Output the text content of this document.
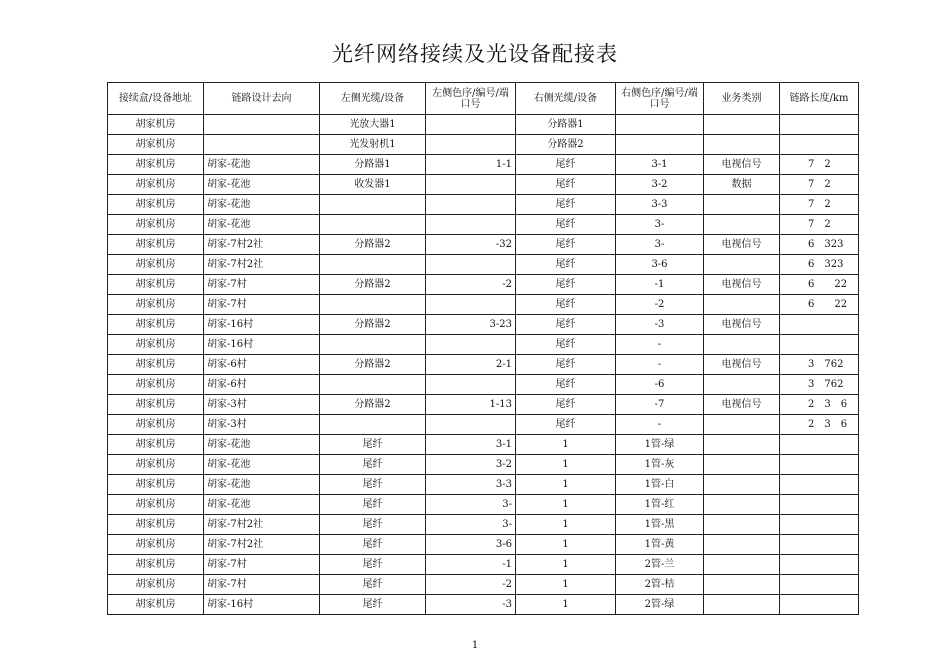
光纤网络接续及光设备配接表
接续盒/设备地址	链路设计去向	左侧光缆/设备	左侧色序/编号/端口号	右侧光缆/设备	右侧色序/编号/端口号	业务类别	链路长度/km
胡家机房		光放大器1		分路器1			
胡家机房		光发射机1		分路器2			
胡家机房	胡家-花池	分路器1	1-1	尾纤	3-1	电视信号	7　2
胡家机房	胡家-花池	收发器1		尾纤	3-2	数据	7　2
胡家机房	胡家-花池			尾纤	3-3		7　2
胡家机房	胡家-花池			尾纤	3-		7　2
胡家机房	胡家-7村2社	分路器2	-32	尾纤	3-	电视信号	6　323
胡家机房	胡家-7村2社			尾纤	3-6		6　323
胡家机房	胡家-7村	分路器2	-2	尾纤	-1	电视信号	6　　22
胡家机房	胡家-7村			尾纤	-2		6　　22
胡家机房	胡家-16村	分路器2	3-23	尾纤	-3	电视信号	
胡家机房	胡家-16村			尾纤	-		
胡家机房	胡家-6村	分路器2	2-1	尾纤	-	电视信号	3　762
胡家机房	胡家-6村			尾纤	-6		3　762
胡家机房	胡家-3村	分路器2	1-13	尾纤	-7	电视信号	2　3　6
胡家机房	胡家-3村			尾纤	-		2　3　6
胡家机房	胡家-花池	尾纤	3-1	1	1管-绿		
胡家机房	胡家-花池	尾纤	3-2	1	1管-灰		
胡家机房	胡家-花池	尾纤	3-3	1	1管-白		
胡家机房	胡家-花池	尾纤	3-	1	1管-红		
胡家机房	胡家-7村2社	尾纤	3-	1	1管-黑		
胡家机房	胡家-7村2社	尾纤	3-6	1	1管-黄		
胡家机房	胡家-7村	尾纤	-1	1	2管-兰		
胡家机房	胡家-7村	尾纤	-2	1	2管-桔		
胡家机房	胡家-16村	尾纤	-3	1	2管-绿		
1
